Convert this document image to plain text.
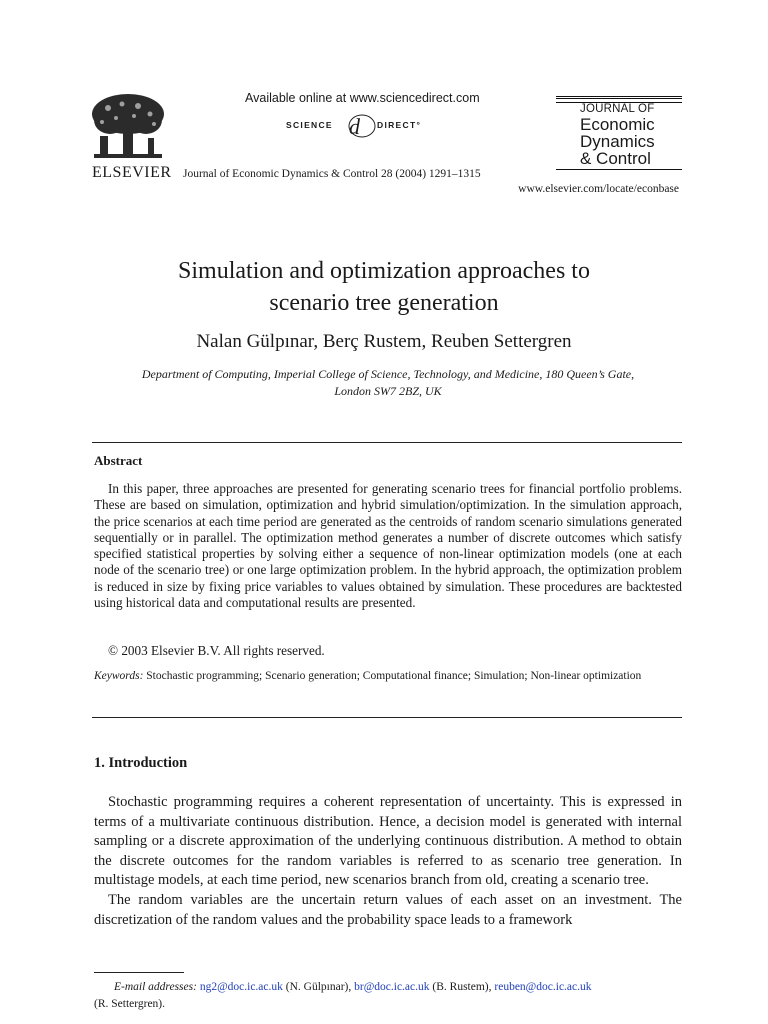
ELSEVIER
Available online at www.sciencedirect.com
SCIENCE d DIRECT°
Journal of Economic Dynamics & Control 28 (2004) 1291–1315
www.elsevier.com/locate/econbase
JOURNAL OF
Economic
Dynamics
& Control
Simulation and optimization approaches to
scenario tree generation
Nalan Gülpınar, Berç Rustem, Reuben Settergren
Department of Computing, Imperial College of Science, Technology, and Medicine, 180 Queen’s Gate,
London SW7 2BZ, UK
Abstract

In this paper, three approaches are presented for generating scenario trees for financial portfolio problems. These are based on simulation, optimization and hybrid simulation/optimization. In the simulation approach, the price scenarios at each time period are generated as the centroids of random scenario simulations generated sequentially or in parallel. The optimization method generates a number of discrete outcomes which satisfy specified statistical properties by solving either a sequence of non-linear optimization models (one at each node of the scenario tree) or one large optimization problem. In the hybrid approach, the optimization problem is reduced in size by fixing price variables to values obtained by simulation. These procedures are backtested using historical data and computational results are presented.

© 2003 Elsevier B.V. All rights reserved.
Keywords: Stochastic programming; Scenario generation; Computational finance; Simulation; Non-linear optimization
1. Introduction

Stochastic programming requires a coherent representation of uncertainty. This is expressed in terms of a multivariate continuous distribution. Hence, a decision model is generated with internal sampling or a discrete approximation of the underlying continuous distribution. A method to obtain the discrete outcomes for the random variables is referred to as scenario tree generation. In multistage models, at each time period, new scenarios branch from old, creating a scenario tree.

The random variables are the uncertain return values of each asset on an investment. The discretization of the random values and the probability space leads to a framework

E-mail addresses: ng2@doc.ic.ac.uk (N. Gülpınar), br@doc.ic.ac.uk (B. Rustem), reuben@doc.ic.ac.uk
(R. Settergren).
